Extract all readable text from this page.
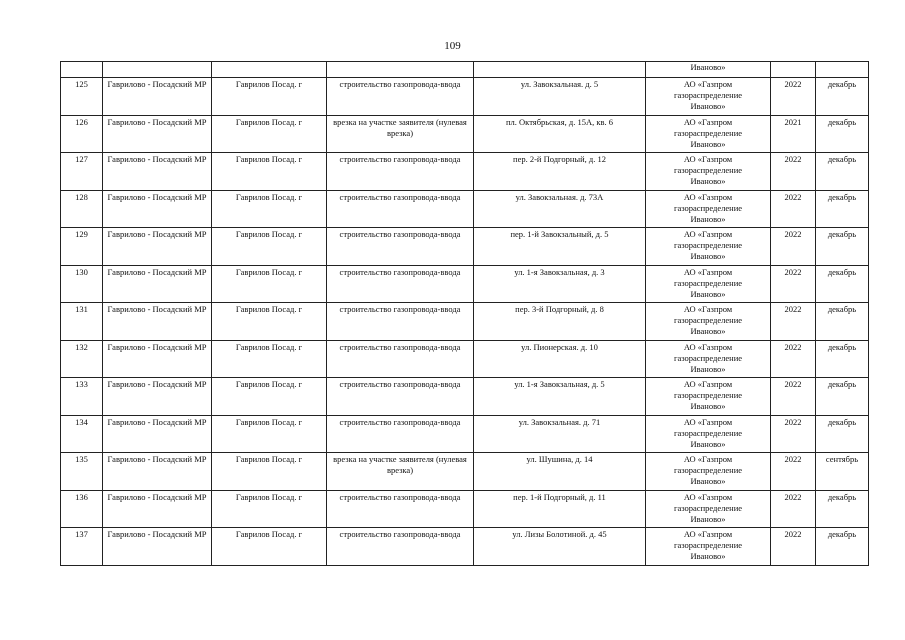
109
					Иваново»		
125	Гаврилово - Посадский МР	Гаврилов Посад. г	строительство газопровода-ввода	ул. Завокзальная. д. 5	АО «Газпром
газораспределение
Иваново»	2022	декабрь
126	Гаврилово - Посадский МР	Гаврилов Посад. г	врезка на участке заявителя (нулевая врезка)	пл. Октябрьская, д. 15А, кв. 6	АО «Газпром
газораспределение
Иваново»	2021	декабрь
127	Гаврилово - Посадский МР	Гаврилов Посад. г	строительство газопровода-ввода	пер. 2-й Подгорный, д. 12	АО «Газпром
газораспределение
Иваново»	2022	декабрь
128	Гаврилово - Посадский МР	Гаврилов Посад. г	строительство газопровода-ввода	ул. Завокзальная. д. 73А	АО «Газпром
газораспределение
Иваново»	2022	декабрь
129	Гаврилово - Посадский МР	Гаврилов Посад. г	строительство газопровода-ввода	пер. 1-й Завокзальный, д. 5	АО «Газпром
газораспределение
Иваново»	2022	декабрь
130	Гаврилово - Посадский МР	Гаврилов Посад. г	строительство газопровода-ввода	ул. 1-я Завокзальная, д. 3	АО «Газпром
газораспределение
Иваново»	2022	декабрь
131	Гаврилово - Посадский МР	Гаврилов Посад. г	строительство газопровода-ввода	пер. 3-й Подгорный, д. 8	АО «Газпром
газораспределение
Иваново»	2022	декабрь
132	Гаврилово - Посадский МР	Гаврилов Посад. г	строительство газопровода-ввода	ул. Пионерская. д. 10	АО «Газпром
газораспределение
Иваново»	2022	декабрь
133	Гаврилово - Посадский МР	Гаврилов Посад. г	строительство газопровода-ввода	ул. 1-я Завокзальная, д. 5	АО «Газпром
газораспределение
Иваново»	2022	декабрь
134	Гаврилово - Посадский МР	Гаврилов Посад. г	строительство газопровода-ввода	ул. Завокзальная. д. 71	АО «Газпром
газораспределение
Иваново»	2022	декабрь
135	Гаврилово - Посадский МР	Гаврилов Посад. г	врезка на участке заявителя (нулевая врезка)	ул. Шушина, д. 14	АО «Газпром
газораспределение
Иваново»	2022	сентябрь
136	Гаврилово - Посадский МР	Гаврилов Посад. г	строительство газопровода-ввода	пер. 1-й Подгорный, д. 11	АО «Газпром
газораспределение
Иваново»	2022	декабрь
137	Гаврилово - Посадский МР	Гаврилов Посад. г	строительство газопровода-ввода	ул. Лизы Болотиной. д. 45	АО «Газпром
газораспределение
Иваново»	2022	декабрь
